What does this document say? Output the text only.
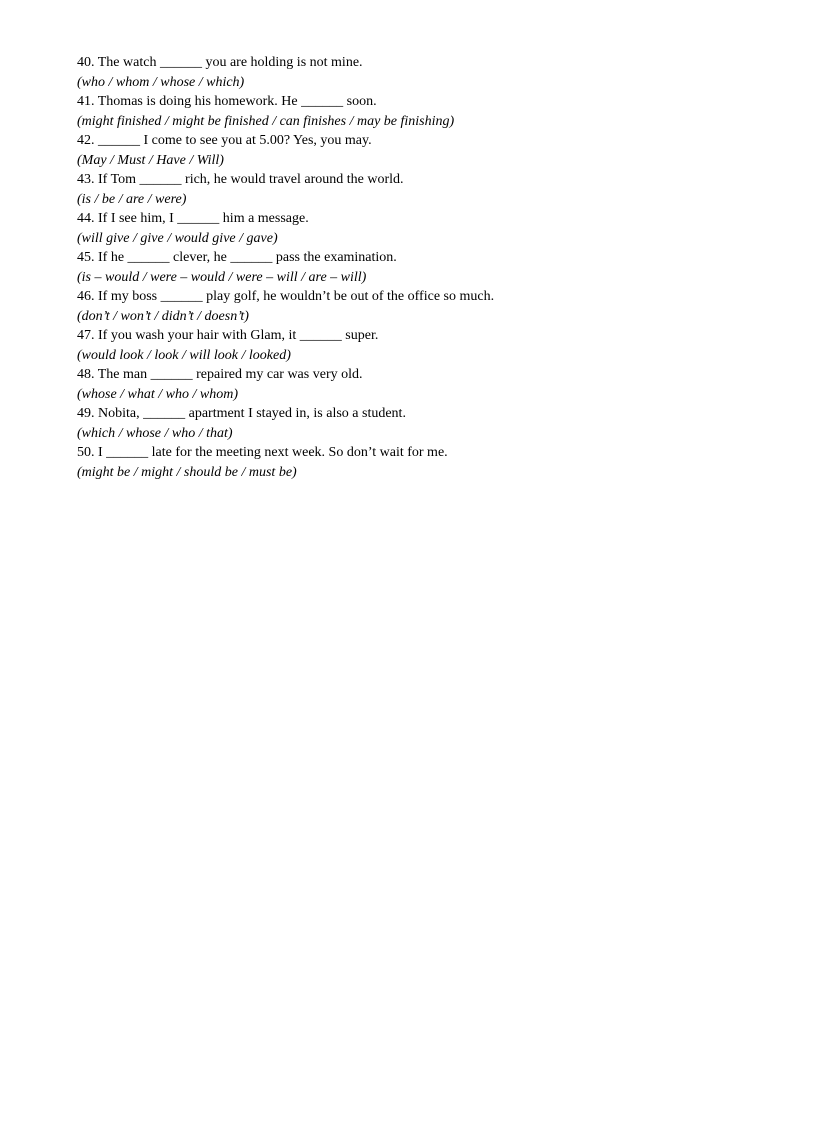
40. The watch ______ you are holding is not mine.
(who / whom / whose / which)
41. Thomas is doing his homework. He ______ soon.
(might finished / might be finished / can finishes / may be finishing)
42. ______ I come to see you at 5.00? Yes, you may.
(May / Must / Have / Will)
43. If Tom ______ rich, he would travel around the world.
(is / be / are / were)
44. If I see him, I ______ him a message.
(will give / give / would give / gave)
45. If he ______ clever, he ______ pass the examination.
(is – would / were – would / were – will / are – will)
46. If my boss ______ play golf, he wouldn’t be out of the office so much.
(don’t / won’t / didn’t / doesn’t)
47. If you wash your hair with Glam, it ______ super.
(would look / look / will look / looked)
48. The man ______ repaired my car was very old.
(whose / what / who / whom)
49. Nobita, ______ apartment I stayed in, is also a student.
(which / whose / who / that)
50. I ______ late for the meeting next week. So don’t wait for me.
(might be / might / should be / must be)
